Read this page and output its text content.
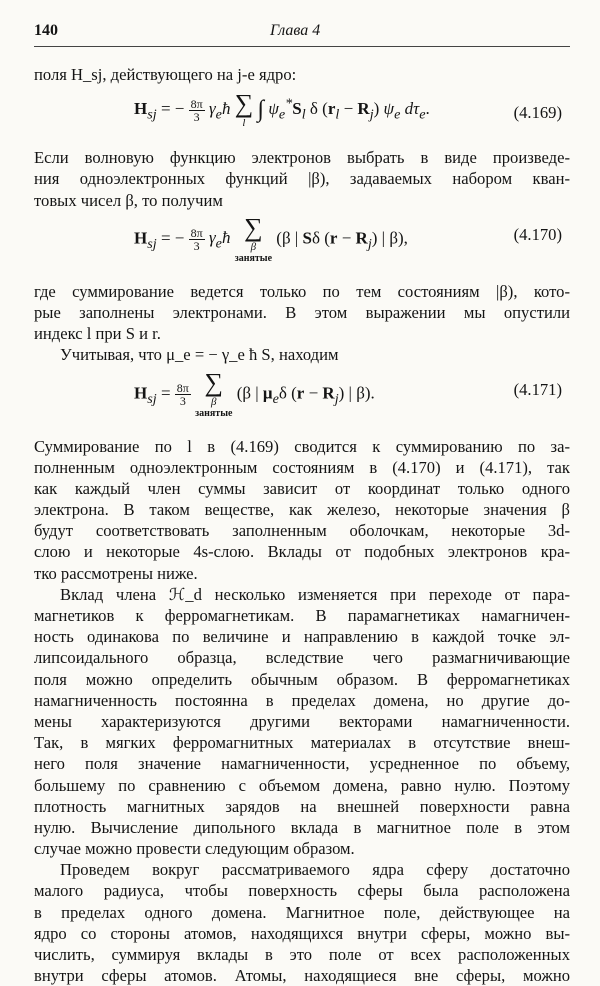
140	Глава 4
поля H_sj, действующего на j-е ядро:
$H_{sj}$ = − $\frac{8\pi}{3}$ $\gamma_eħ$ ∑
l
∫ $\psi_e^*S_l$ δ $(r_l - R_j)$ $\psi_e$ $d\tau_e$.	(4.169)
Если волновую функцию электронов выбрать в виде произведе-
ния одноэлектронных функций |β), задаваемых набором кван-
товых чисел β, то получим
$H_{sj}$ = − $\frac{8\pi}{3}$ $\gamma_eħ$ ∑
β
занятые
(β | Sδ $(r - R_j)$ | β),	(4.170)
где суммирование ведется только по тем состояниям |β), кото-
рые заполнены электронами. В этом выражении мы опустили
индекс l при S и r.
Учитывая, что μ_e = − γ_e ħ S, находим
$H_{sj} = \frac{8\pi}{3}$
∑
β
занятые
(β | $\mu_e\delta$ $(r - R_j)$ | β).	(4.171)
Суммирование по l в (4.169) сводится к суммированию по за-
полненным одноэлектронным состояниям в (4.170) и (4.171), так
как каждый член суммы зависит от координат только одного
электрона. В таком веществе, как железо, некоторые значения β
будут соответствовать заполненным оболочкам, некоторые 3d-
слою и некоторые 4s-слою. Вклады от подобных электронов кра-
тко рассмотрены ниже.
Вклад члена ℋ_d несколько изменяется при переходе от пара-
магнетиков к ферромагнетикам. В парамагнетиках намагничен-
ность одинакова по величине и направлению в каждой точке эл-
липсоидального образца, вследствие чего размагничивающие
поля можно определить обычным образом. В ферромагнетиках
намагниченность постоянна в пределах домена, но другие до-
мены характеризуются другими векторами намагниченности.
Так, в мягких ферромагнитных материалах в отсутствие внеш-
него поля значение намагниченности, усредненное по объему,
большему по сравнению с объемом домена, равно нулю. Поэтому
плотность магнитных зарядов на внешней поверхности равна
нулю. Вычисление дипольного вклада в магнитное поле в этом
случае можно провести следующим образом.
Проведем вокруг рассматриваемого ядра сферу достаточно
малого радиуса, чтобы поверхность сферы была расположена
в пределах одного домена. Магнитное поле, действующее на
ядро со стороны атомов, находящихся внутри сферы, можно вы-
числить, суммируя вклады в это поле от всех расположенных
внутри сферы атомов. Атомы, находящиеся вне сферы, можно
